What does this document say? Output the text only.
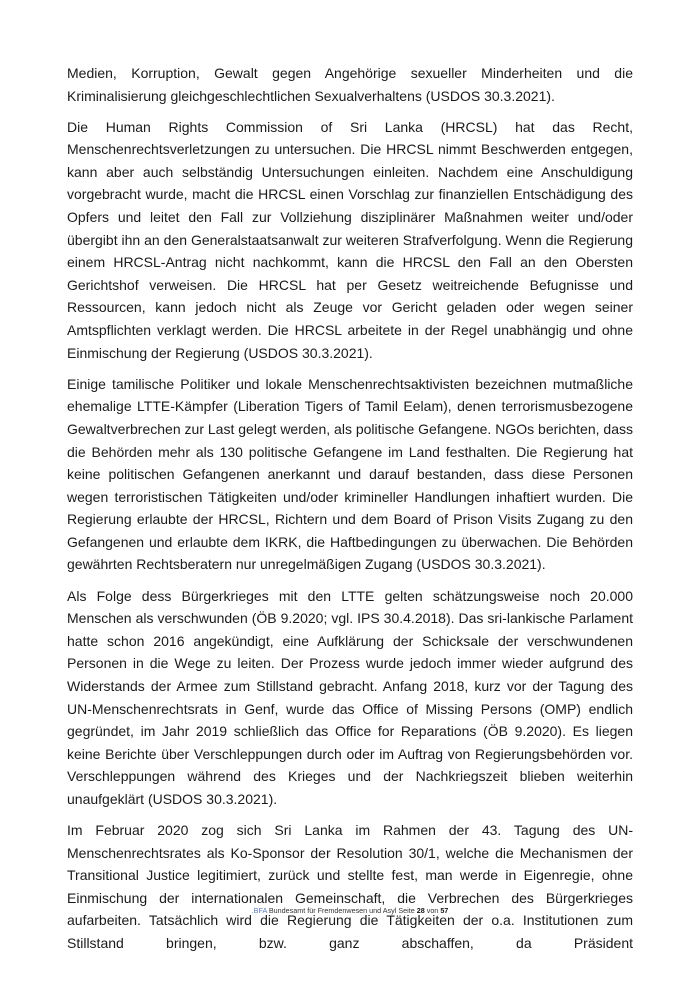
Medien, Korruption, Gewalt gegen Angehörige sexueller Minderheiten und die Kriminalisierung gleichgeschlechtlichen Sexualverhaltens (USDOS 30.3.2021).

Die Human Rights Commission of Sri Lanka (HRCSL) hat das Recht, Menschenrechtsverletzungen zu untersuchen. Die HRCSL nimmt Beschwerden entgegen, kann aber auch selbständig Untersuchungen einleiten. Nachdem eine Anschuldigung vorgebracht wurde, macht die HRCSL einen Vorschlag zur finanziellen Entschädigung des Opfers und leitet den Fall zur Vollziehung disziplinärer Maßnahmen weiter und/oder übergibt ihn an den Generalstaatsanwalt zur weiteren Strafverfolgung. Wenn die Regierung einem HRCSL-Antrag nicht nachkommt, kann die HRCSL den Fall an den Obersten Gerichtshof verweisen. Die HRCSL hat per Gesetz weitreichende Befugnisse und Ressourcen, kann jedoch nicht als Zeuge vor Gericht geladen oder wegen seiner Amtspflichten verklagt werden. Die HRCSL arbeitete in der Regel unabhängig und ohne Einmischung der Regierung (USDOS 30.3.2021).

Einige tamilische Politiker und lokale Menschenrechtsaktivisten bezeichnen mutmaßliche ehemalige LTTE-Kämpfer (Liberation Tigers of Tamil Eelam), denen terrorismusbezogene Gewaltverbrechen zur Last gelegt werden, als politische Gefangene. NGOs berichten, dass die Behörden mehr als 130 politische Gefangene im Land festhalten. Die Regierung hat keine politischen Gefangenen anerkannt und darauf bestanden, dass diese Personen wegen terroristischen Tätigkeiten und/oder krimineller Handlungen inhaftiert wurden. Die Regierung erlaubte der HRCSL, Richtern und dem Board of Prison Visits Zugang zu den Gefangenen und erlaubte dem IKRK, die Haftbedingungen zu überwachen. Die Behörden gewährten Rechtsberatern nur unregelmäßigen Zugang (USDOS 30.3.2021).

Als Folge dess Bürgerkrieges mit den LTTE gelten schätzungsweise noch 20.000 Menschen als verschwunden (ÖB 9.2020; vgl. IPS 30.4.2018). Das sri-lankische Parlament hatte schon 2016 angekündigt, eine Aufklärung der Schicksale der verschwundenen Personen in die Wege zu leiten. Der Prozess wurde jedoch immer wieder aufgrund des Widerstands der Armee zum Stillstand gebracht. Anfang 2018, kurz vor der Tagung des UN-Menschenrechtsrats in Genf, wurde das Office of Missing Persons (OMP) endlich gegründet, im Jahr 2019 schließlich das Office for Reparations (ÖB 9.2020). Es liegen keine Berichte über Verschleppungen durch oder im Auftrag von Regierungsbehörden vor. Verschleppungen während des Krieges und der Nachkriegszeit blieben weiterhin unaufgeklärt (USDOS 30.3.2021).

Im Februar 2020 zog sich Sri Lanka im Rahmen der 43. Tagung des UN-Menschenrechtsrates als Ko-Sponsor der Resolution 30/1, welche die Mechanismen der Transitional Justice legitimiert, zurück und stellte fest, man werde in Eigenregie, ohne Einmischung der internationalen Gemeinschaft, die Verbrechen des Bürgerkrieges aufarbeiten. Tatsächlich wird die Regierung die Tätigkeiten der o.a. Institutionen zum Stillstand bringen, bzw. ganz abschaffen, da Präsident

.BFA Bundesamt für Fremdenwesen und Asyl Seite 28 von 57
